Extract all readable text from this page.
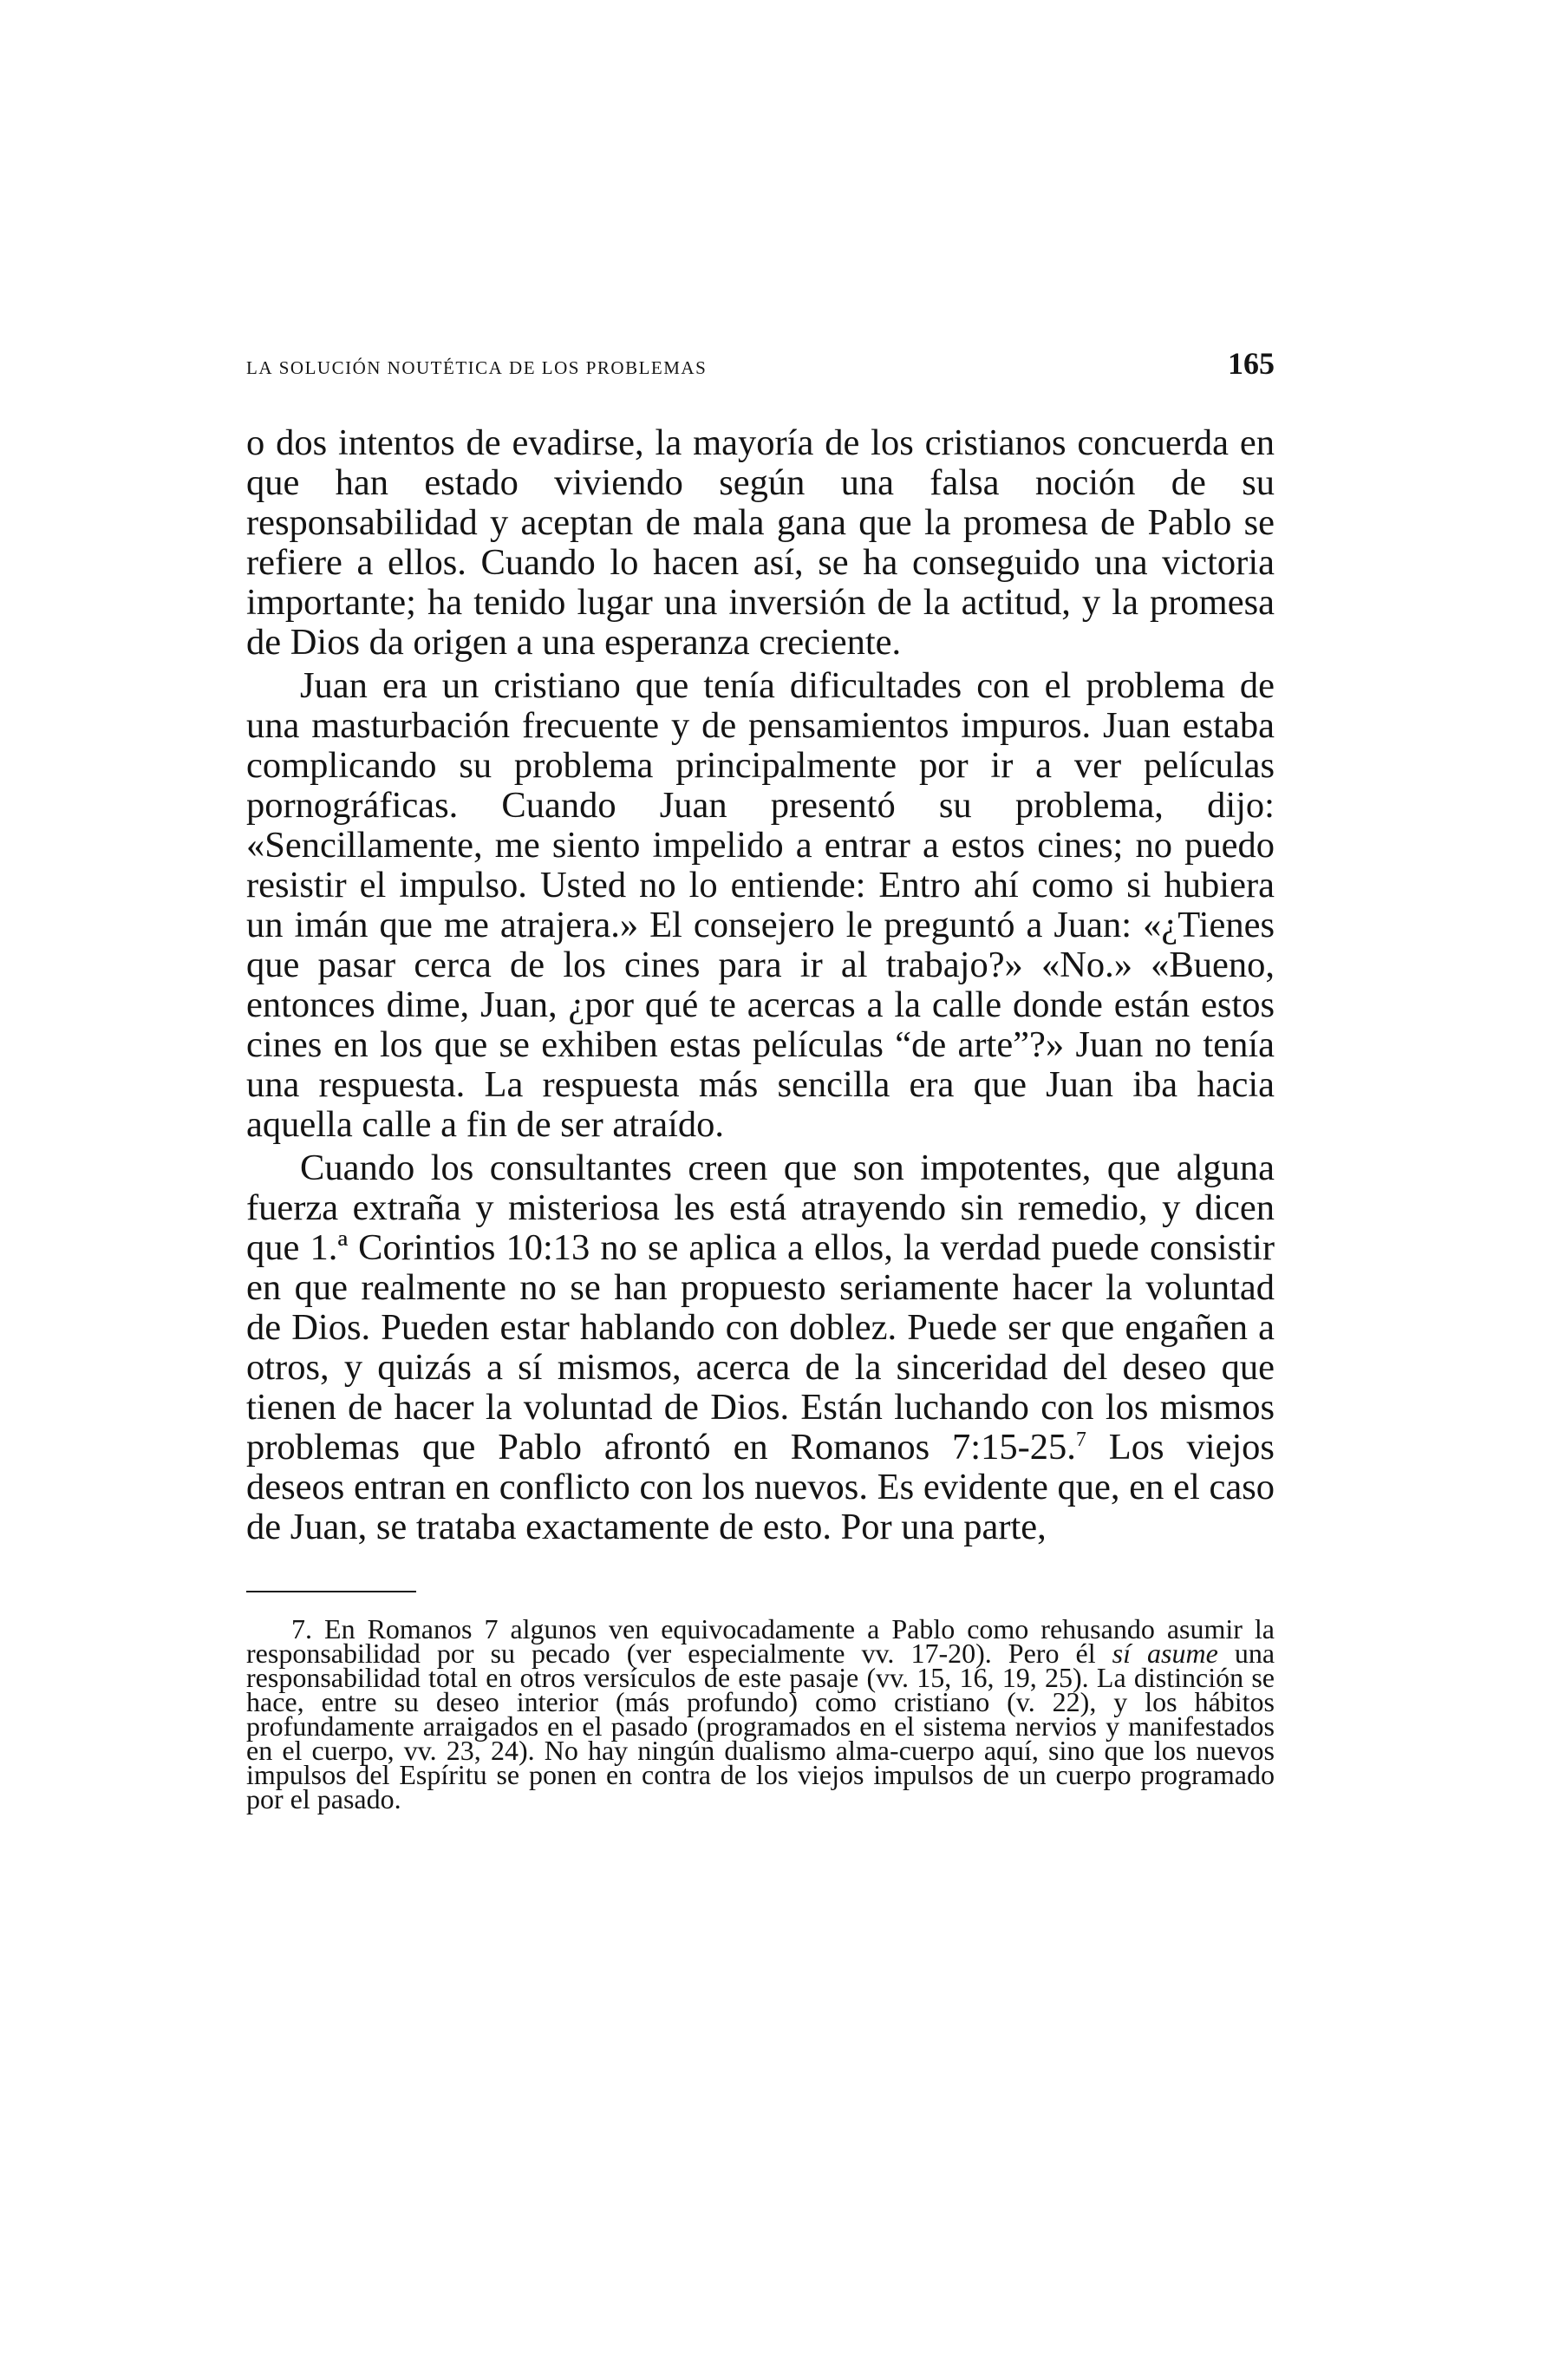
la solución noutética de los problemas	165

o dos intentos de evadirse, la mayoría de los cristianos concuerda en que han estado viviendo según una falsa noción de su responsabilidad y aceptan de mala gana que la promesa de Pablo se refiere a ellos. Cuando lo hacen así, se ha conseguido una victoria importante; ha tenido lugar una inversión de la actitud, y la promesa de Dios da origen a una esperanza creciente.

Juan era un cristiano que tenía dificultades con el problema de una masturbación frecuente y de pensamientos impuros. Juan estaba complicando su problema principalmente por ir a ver películas pornográficas. Cuando Juan presentó su problema, dijo: «Sencillamente, me siento impelido a entrar a estos cines; no puedo resistir el impulso. Usted no lo entiende: Entro ahí como si hubiera un imán que me atrajera.» El consejero le preguntó a Juan: «¿Tienes que pasar cerca de los cines para ir al trabajo?» «No.» «Bueno, entonces dime, Juan, ¿por qué te acercas a la calle donde están estos cines en los que se exhiben estas películas “de arte”?» Juan no tenía una respuesta. La respuesta más sencilla era que Juan iba hacia aquella calle a fin de ser atraído.

Cuando los consultantes creen que son impotentes, que alguna fuerza extraña y misteriosa les está atrayendo sin remedio, y dicen que 1.ª Corintios 10:13 no se aplica a ellos, la verdad puede consistir en que realmente no se han propuesto seriamente hacer la voluntad de Dios. Pueden estar hablando con doblez. Puede ser que engañen a otros, y quizás a sí mismos, acerca de la sinceridad del deseo que tienen de hacer la voluntad de Dios. Están luchando con los mismos problemas que Pablo afrontó en Romanos 7:15-25.$^7$ Los viejos deseos entran en conflicto con los nuevos. Es evidente que, en el caso de Juan, se trataba exactamente de esto. Por una parte,

7. En Romanos 7 algunos ven equivocadamente a Pablo como rehusando asumir la responsabilidad por su pecado (ver especialmente vv. 17-20). Pero él sí asume una responsabilidad total en otros versículos de este pasaje (vv. 15, 16, 19, 25). La distinción se hace, entre su deseo interior (más profundo) como cristiano (v. 22), y los hábitos profundamente arraigados en el pasado (programados en el sistema nervios y manifestados en el cuerpo, vv. 23, 24). No hay ningún dualismo alma-cuerpo aquí, sino que los nuevos impulsos del Espíritu se ponen en contra de los viejos impulsos de un cuerpo programado por el pasado.
